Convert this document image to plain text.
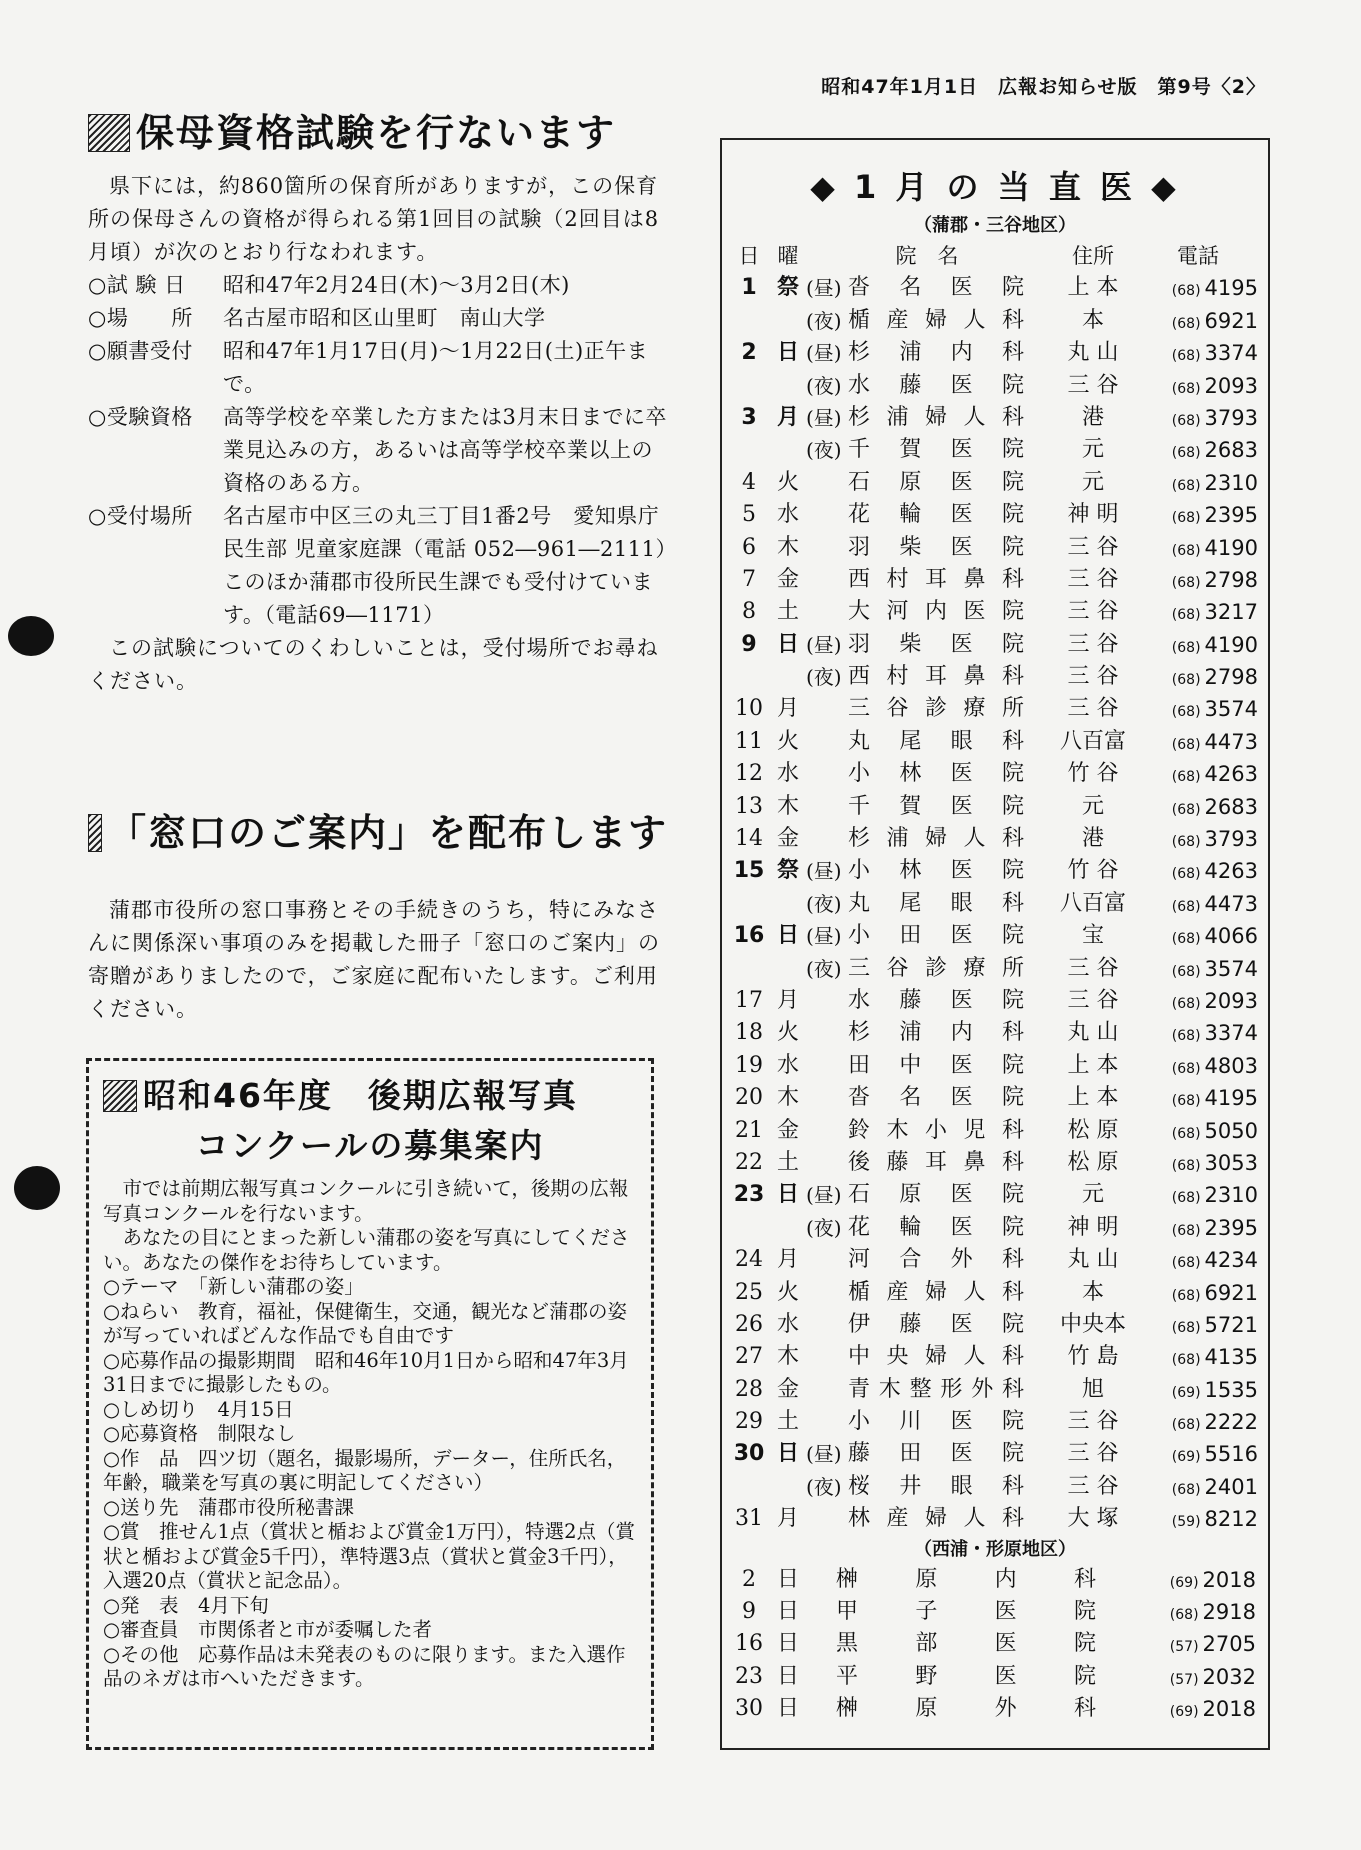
昭和47年1月1日　広報お知らせ版　第9号〈2〉
保母資格試験を行ないます

県下には，約860箇所の保育所がありますが，この保育所の保母さんの資格が得られる第1回目の試験（2回目は8月頃）が次のとおり行なわれます。

○試 験 日	昭和47年2月24日(木)～3月2日(木)
○場　　所	名古屋市昭和区山里町　南山大学
○願書受付	昭和47年1月17日(月)～1月22日(土)正午まで。
○受験資格	高等学校を卒業した方または3月末日までに卒業見込みの方，あるいは高等学校卒業以上の資格のある方。
○受付場所	名古屋市中区三の丸三丁目1番2号　愛知県庁民生部 児童家庭課（電話 052―961―2111）このほか蒲郡市役所民生課でも受付けています。（電話69―1171）

この試験についてのくわしいことは，受付場所でお尋ねください。

「窓口のご案内」を配布します

蒲郡市役所の窓口事務とその手続きのうち，特にみなさんに関係深い事項のみを掲載した冊子「窓口のご案内」の寄贈がありましたので，ご家庭に配布いたします。ご利用ください。

昭和46年度　後期広報写真
コンクールの募集案内

市では前期広報写真コンクールに引き続いて，後期の広報写真コンクールを行ないます。

あなたの目にとまった新しい蒲郡の姿を写真にしてください。あなたの傑作をお待ちしています。

○テーマ　「新しい蒲郡の姿」
○ねらい　教育，福祉，保健衛生，交通，観光など蒲郡の姿が写っていればどんな作品でも自由です
○応募作品の撮影期間　昭和46年10月1日から昭和47年3月31日までに撮影したもの。
○しめ切り　4月15日
○応募資格　制限なし
○作　品　四ツ切（題名，撮影場所，データー，住所氏名，年齢，職業を写真の裏に明記してください）
○送り先　蒲郡市役所秘書課
○賞　推せん1点（賞状と楯および賞金1万円），特選2点（賞状と楯および賞金5千円），準特選3点（賞状と賞金3千円），入選20点（賞状と記念品）。
○発　表　4月下旬
○審査員　市関係者と市が委嘱した者
○その他　応募作品は未発表のものに限ります。また入選作品のネガは市へいただきます。
◆ 1 月 の 当 直 医 ◆
（蒲郡・三谷地区）
日 曜	院　名	住所	電話
1 祭 (昼) 沓名医院	上 本	(68) 4195
(夜) 楯産婦人科	本	(68) 6921
2 日 (昼) 杉浦内科	丸 山	(68) 3374
(夜) 水藤医院	三 谷	(68) 2093
3 月 (昼) 杉浦婦人科	港	(68) 3793
(夜) 千賀医院	元	(68) 2683
4 火	石原医院	元	(68) 2310
5 水	花輪医院	神 明	(68) 2395
6 木	羽柴医院	三 谷	(68) 4190
7 金	西村耳鼻科	三 谷	(68) 2798
8 土	大河内医院	三 谷	(68) 3217
9 日 (昼) 羽柴医院	三 谷	(68) 4190
(夜) 西村耳鼻科	三 谷	(68) 2798
10 月	三谷診療所	三 谷	(68) 3574
11 火	丸尾眼科	八百富	(68) 4473
12 水	小林医院	竹 谷	(68) 4263
13 木	千賀医院	元	(68) 2683
14 金	杉浦婦人科	港	(68) 3793
15 祭 (昼) 小林医院	竹 谷	(68) 4263
(夜) 丸尾眼科	八百富	(68) 4473
16 日 (昼) 小田医院	宝	(68) 4066
(夜) 三谷診療所	三 谷	(68) 3574
17 月	水藤医院	三 谷	(68) 2093
18 火	杉浦内科	丸 山	(68) 3374
19 水	田中医院	上 本	(68) 4803
20 木	沓名医院	上 本	(68) 4195
21 金	鈴木小児科	松 原	(68) 5050
22 土	後藤耳鼻科	松 原	(68) 3053
23 日 (昼) 石原医院	元	(68) 2310
(夜) 花輪医院	神 明	(68) 2395
24 月	河合外科	丸 山	(68) 4234
25 火	楯産婦人科	本	(68) 6921
26 水	伊藤医院	中央本	(68) 5721
27 木	中央婦人科	竹 島	(68) 4135
28 金	青木整形外科	旭	(69) 1535
29 土	小川医院	三 谷	(68) 2222
30 日 (昼) 藤田医院	三 谷	(69) 5516
(夜) 桜井眼科	三 谷	(68) 2401
31 月	林産婦人科	大 塚	(59) 8212
（西浦・形原地区）
2 日	榊原内科	(69) 2018
9 日	甲子医院	(68) 2918
16 日	黒部医院	(57) 2705
23 日	平野医院	(57) 2032
30 日	榊原外科	(69) 2018
